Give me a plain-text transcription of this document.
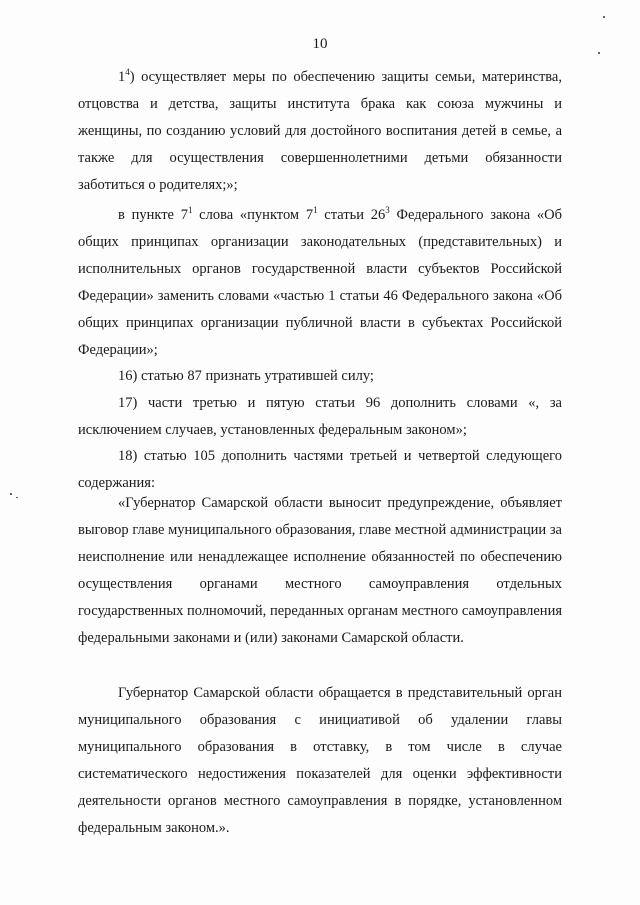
10

$1^4$) осуществляет меры по обеспечению защиты семьи, материнства, отцовства и детства, защиты института брака как союза мужчины и женщины, по созданию условий для достойного воспитания детей в семье, а также для осуществления совершеннолетними детьми обязанности заботиться о родителях;»;

в пункте $7^1$ слова «пунктом $7^1$ статьи $26^3$ Федерального закона «Об общих принципах организации законодательных (представительных) и исполнительных органов государственной власти субъектов Российской Федерации» заменить словами «частью 1 статьи 46 Федерального закона «Об общих принципах организации публичной власти в субъектах Российской Федерации»;

16) статью 87 признать утратившей силу;

17) части третью и пятую статьи 96 дополнить словами «, за исключением случаев, установленных федеральным законом»;

18) статью 105 дополнить частями третьей и четвертой следующего содержания:

«Губернатор Самарской области выносит предупреждение, объявляет выговор главе муниципального образования, главе местной администрации за неисполнение или ненадлежащее исполнение обязанностей по обеспечению осуществления органами местного самоуправления отдельных государственных полномочий, переданных органам местного самоуправления федеральными законами и (или) законами Самарской области.

Губернатор Самарской области обращается в представительный орган муниципального образования с инициативой об удалении главы муниципального образования в отставку, в том числе в случае систематического недостижения показателей для оценки эффективности деятельности органов местного самоуправления в порядке, установленном федеральным законом.».
